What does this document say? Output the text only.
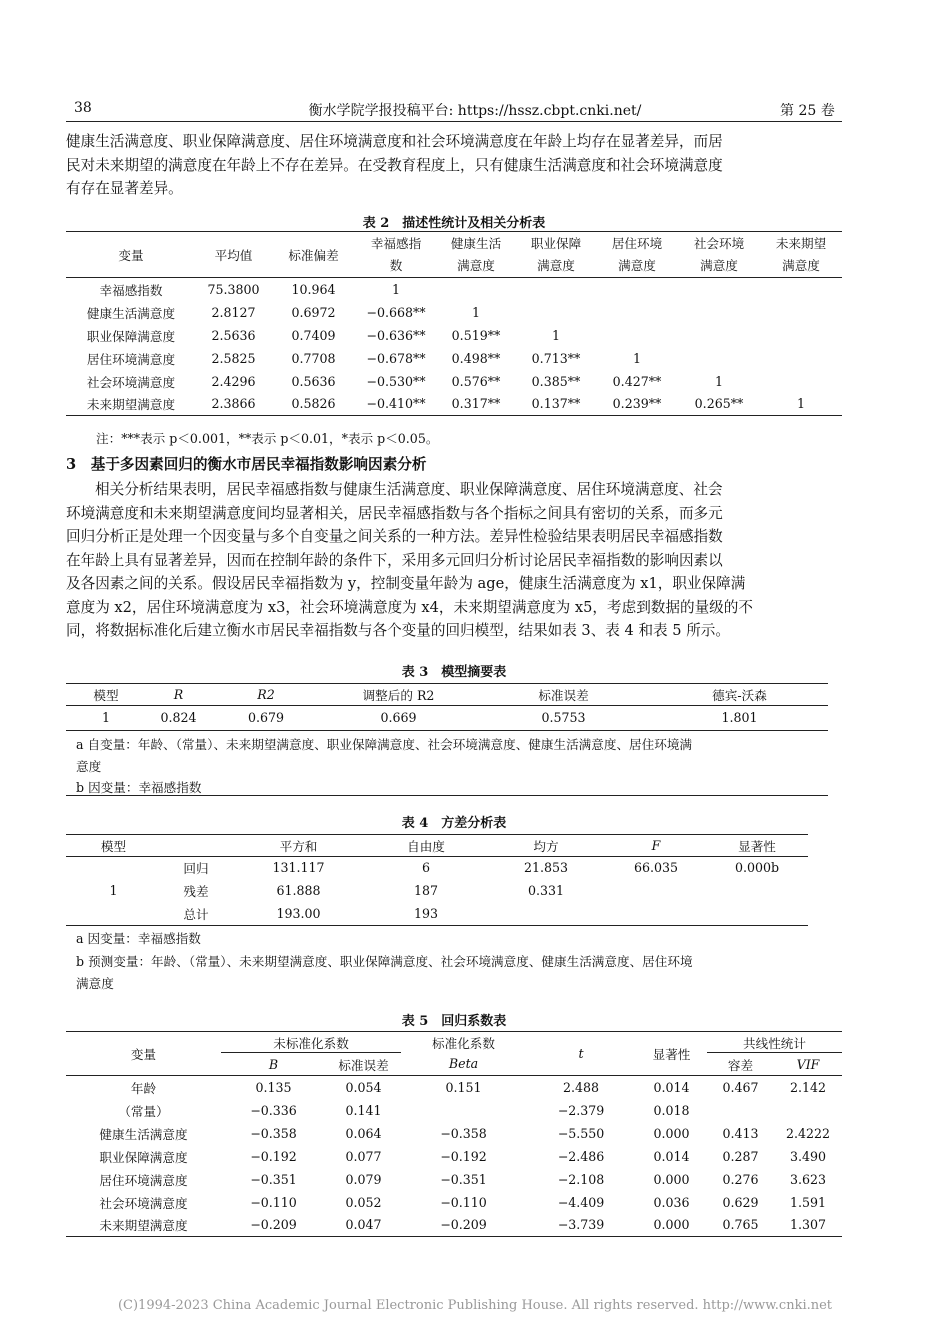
38	衡水学院学报投稿平台: https://hssz.cbpt.cnki.net/	第 25 卷
健康生活满意度、职业保障满意度、居住环境满意度和社会环境满意度在年龄上均存在显著差异，而居
民对未来期望的满意度在年龄上不存在差异。在受教育程度上，只有健康生活满意度和社会环境满意度
有存在显著差异。
表 2　描述性统计及相关分析表
变量	平均值	标准偏差	幸福感指数	健康生活满意度	职业保障满意度	居住环境满意度	社会环境满意度	未来期望满意度
幸福感指数	75.3800	10.964	1					
健康生活满意度	2.8127	0.6972	−0.668**	1				
职业保障满意度	2.5636	0.7409	−0.636**	0.519**	1			
居住环境满意度	2.5825	0.7708	−0.678**	0.498**	0.713**	1		
社会环境满意度	2.4296	0.5636	−0.530**	0.576**	0.385**	0.427**	1	
未来期望满意度	2.3866	0.5826	−0.410**	0.317**	0.137**	0.239**	0.265**	1
注：***表示 p＜0.001，**表示 p＜0.01，*表示 p＜0.05。
3　基于多因素回归的衡水市居民幸福指数影响因素分析
相关分析结果表明，居民幸福感指数与健康生活满意度、职业保障满意度、居住环境满意度、社会
环境满意度和未来期望满意度间均显著相关，居民幸福感指数与各个指标之间具有密切的关系，而多元
回归分析正是处理一个因变量与多个自变量之间关系的一种方法。差异性检验结果表明居民幸福感指数
在年龄上具有显著差异，因而在控制年龄的条件下，采用多元回归分析讨论居民幸福指数的影响因素以
及各因素之间的关系。假设居民幸福指数为 y，控制变量年龄为 age，健康生活满意度为 x1，职业保障满
意度为 x2，居住环境满意度为 x3，社会环境满意度为 x4，未来期望满意度为 x5，考虑到数据的量级的不
同，将数据标准化后建立衡水市居民幸福指数与各个变量的回归模型，结果如表 3、表 4 和表 5 所示。
表 3　模型摘要表
模型	R	R2	调整后的 R2	标准误差	德宾-沃森
1	0.824	0.679	0.669	0.5753	1.801
a 自变量：年龄、（常量）、未来期望满意度、职业保障满意度、社会环境满意度、健康生活满意度、居住环境满
意度
b 因变量：幸福感指数
表 4　方差分析表
模型		平方和	自由度	均方	F	显著性
1	回归	131.117	6	21.853	66.035	0.000b
	残差	61.888	187	0.331		
	总计	193.00	193			
a 因变量：幸福感指数
b 预测变量：年龄、（常量）、未来期望满意度、职业保障满意度、社会环境满意度、健康生活满意度、居住环境
满意度
表 5　回归系数表
变量	未标准化系数		标准化系数	t	显著性	共线性统计	
	B	标准误差	Beta			容差	VIF
年龄	0.135	0.054	0.151	2.488	0.014	0.467	2.142
（常量）	−0.336	0.141		−2.379	0.018		
健康生活满意度	−0.358	0.064	−0.358	−5.550	0.000	0.413	2.4222
职业保障满意度	−0.192	0.077	−0.192	−2.486	0.014	0.287	3.490
居住环境满意度	−0.351	0.079	−0.351	−2.108	0.000	0.276	3.623
社会环境满意度	−0.110	0.052	−0.110	−4.409	0.036	0.629	1.591
未来期望满意度	−0.209	0.047	−0.209	−3.739	0.000	0.765	1.307
(C)1994-2023 China Academic Journal Electronic Publishing House. All rights reserved. http://www.cnki.net
